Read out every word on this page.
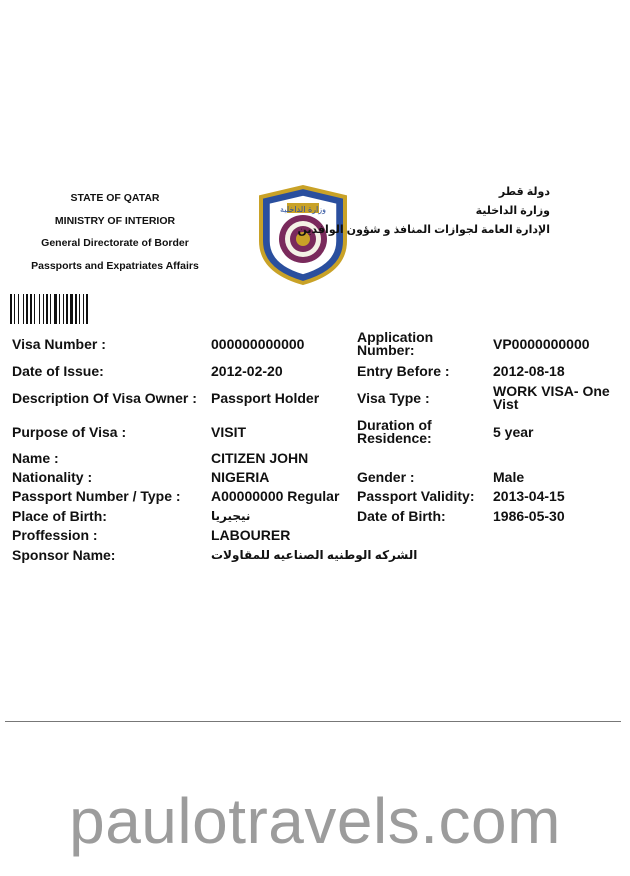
STATE OF QATAR
MINISTRY OF INTERIOR
General Directorate of Border
Passports and Expatriates Affairs
وزارة الداخلية
دولة قطر
وزارة الداخلية
الإدارة العامة لجوازات المنافذ و شؤون الوافدين
Visa Number :	000000000000	Application Number:	VP0000000000
Date of Issue:	2012-02-20	Entry Before :	2012-08-18
Description Of Visa Owner :	Passport Holder	Visa Type :	WORK VISA- One Vist
Purpose of Visa :	VISIT	Duration of Residence:	5 year
Name :	CITIZEN JOHN
Nationality :	NIGERIA	Gender :	Male
Passport Number / Type :	A00000000 Regular	Passport Validity:	2013-04-15
Place of Birth:	نيجيريا	Date of Birth:	1986-05-30
Proffession :	LABOURER
Sponsor Name:	الشركه الوطنيه الصناعيه للمقاولات
paulotravels.com
